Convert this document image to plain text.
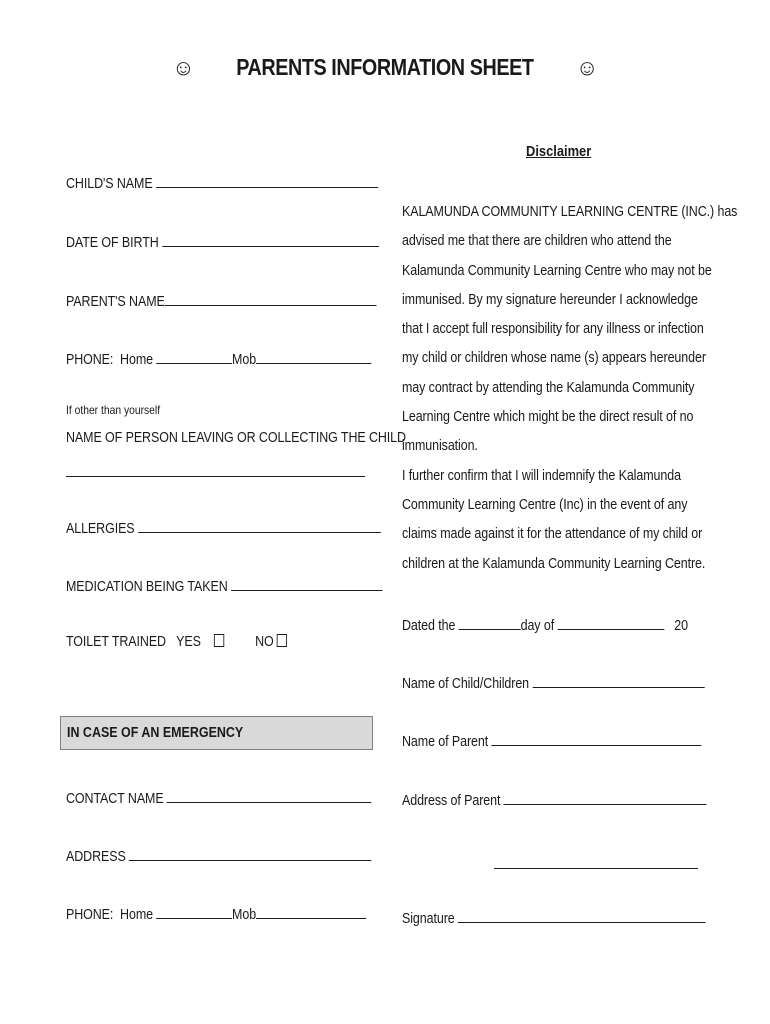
☺ PARENTS INFORMATION SHEET ☺
CHILD'S NAME
DATE OF BIRTH
PARENT'S NAME
PHONE: Home	Mob
If other than yourself
NAME OF PERSON LEAVING OR COLLECTING THE CHILD
ALLERGIES
MEDICATION BEING TAKEN
TOILET TRAINED YES	NO
IN CASE OF AN EMERGENCY
CONTACT NAME
ADDRESS
PHONE: Home	Mob
Disclaimer
KALAMUNDA COMMUNITY LEARNING CENTRE (INC.) has
advised me that there are children who attend the
Kalamunda Community Learning Centre who may not be
immunised. By my signature hereunder I acknowledge
that I accept full responsibility for any illness or infection
my child or children whose name (s) appears hereunder
may contract by attending the Kalamunda Community
Learning Centre which might be the direct result of no
immunisation.
I further confirm that I will indemnify the Kalamunda
Community Learning Centre (Inc) in the event of any
claims made against it for the attendance of my child or
children at the Kalamunda Community Learning Centre.
Dated the	day of	20
Name of Child/Children
Name of Parent
Address of Parent
Signature
